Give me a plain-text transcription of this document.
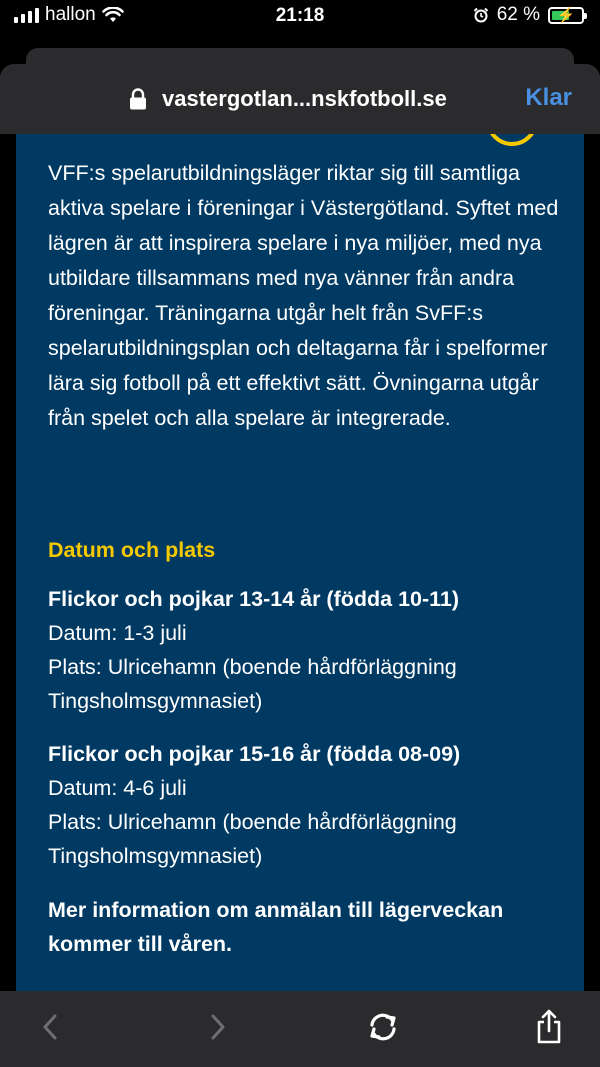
hallon	21:18	62 %	⚡
vastergotlan...nskfotboll.se	Klar

VFF:s spelarutbildningsläger riktar sig till samtliga aktiva spelare i föreningar i Västergötland. Syftet med lägren är att inspirera spelare i nya miljöer, med nya utbildare tillsammans med nya vänner från andra föreningar. Träningarna utgår helt från SvFF:s spelarutbildningsplan och deltagarna får i spelformer lära sig fotboll på ett effektivt sätt. Övningarna utgår från spelet och alla spelare är integrerade.

Datum och plats
Flickor och pojkar 13-14 år (födda 10-11)
Datum: 1-3 juli
Plats: Ulricehamn (boende hårdförläggning Tingsholmsgymnasiet)
Flickor och pojkar 15-16 år (födda 08-09)
Datum: 4-6 juli
Plats: Ulricehamn (boende hårdförläggning Tingsholmsgymnasiet)

Mer information om anmälan till lägerveckan kommer till våren.
